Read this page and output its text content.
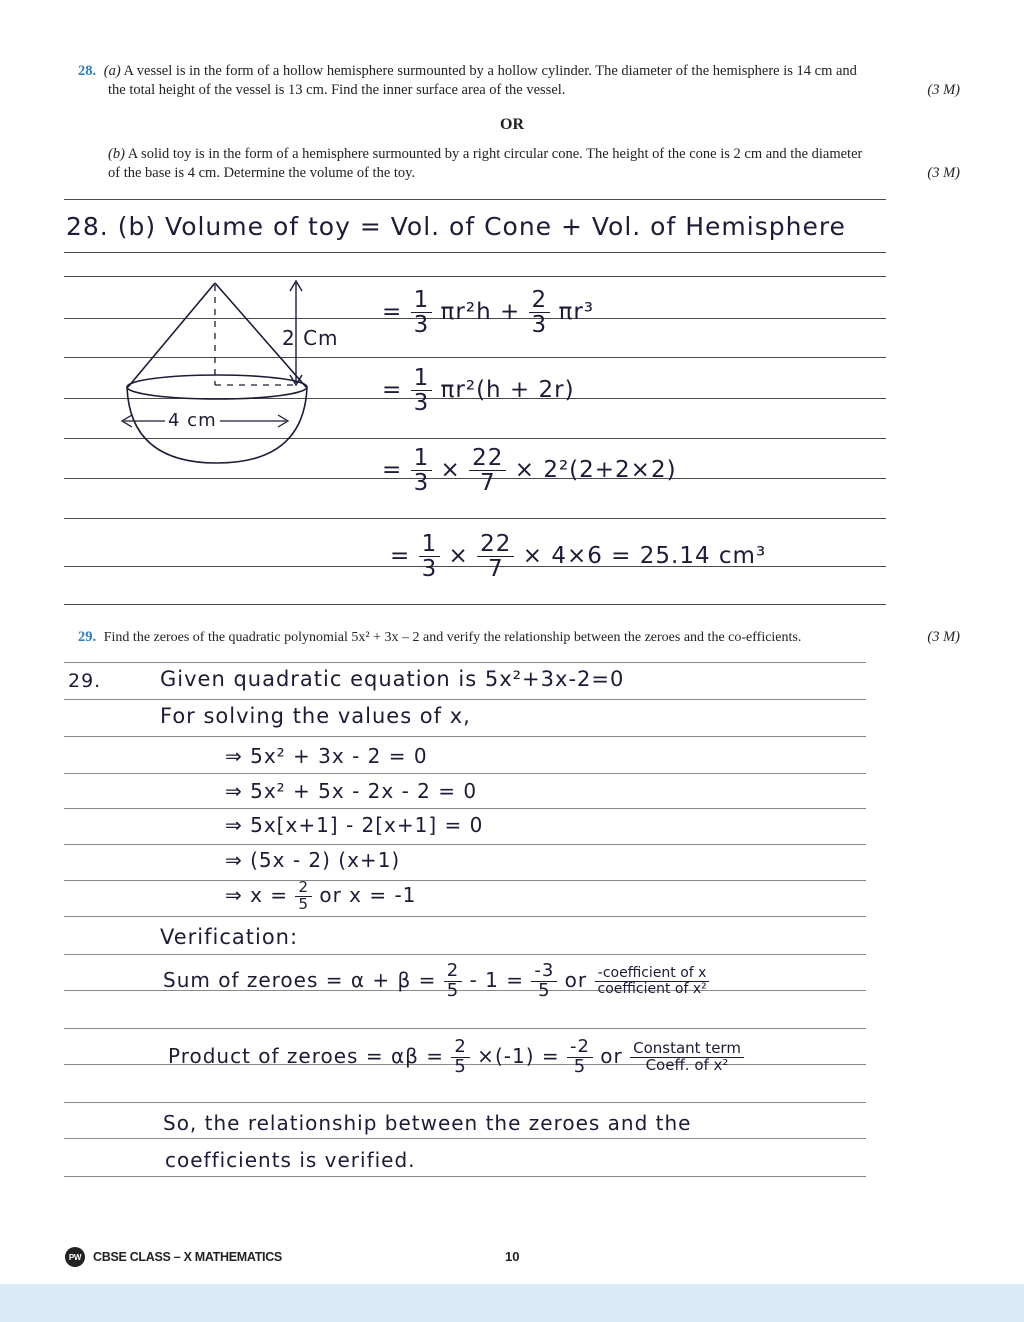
28. (a) A vessel is in the form of a hollow hemisphere surmounted by a hollow cylinder. The diameter of the hemisphere is 14 cm and
the total height of the vessel is 13 cm. Find the inner surface area of the vessel.	(3 M)
OR
(b) A solid toy is in the form of a hemisphere surmounted by a right circular cone. The height of the cone is 2 cm and the diameter
of the base is 4 cm. Determine the volume of the toy.	(3 M)
28. (b) Volume of toy = Vol. of Cone + Vol. of Hemisphere
2 Cm
4 cm
= $\frac{1}{3} \pi r^2h + \frac{2}{3} \pi r^3$
= $\frac{1}{3} \pi r^2(h + 2r)$
= $\frac{1}{3} \times \frac{22}{7} \times 2^2(2+2\times 2)$
= $\frac{1}{3} \times \frac{22}{7} \times 4\times 6 = 25.14$ cm³
29. Find the zeroes of the quadratic polynomial 5x² + 3x – 2 and verify the relationship between the zeroes and the co-efficients.	(3 M)
29.	Given quadratic equation is 5x²+3x-2=0
For solving the values of x,
⇒ 5x² + 3x - 2 = 0
⇒ 5x² + 5x - 2x - 2 = 0
⇒ 5x[x+1] - 2[x+1] = 0
⇒ (5x - 2) (x+1)
⇒ $x = \frac{2}{5}$ or x = -1
Verification:
Sum of zeroes = $\alpha + \beta = \frac{2}{5} - 1 = \frac{-3}{5}$ or $\frac{\text{-coefficient of x}}{\text{coefficient of x²}}$
Product of zeroes = $\alpha\beta = \frac{2}{5} \times(-1) = \frac{-2}{5}$ or $\frac{\text{Constant term}}{\text{Coeff. of x²}}$
So, the relationship between the zeroes and the
coefficients is verified.
PW CBSE CLASS – X MATHEMATICS	10
